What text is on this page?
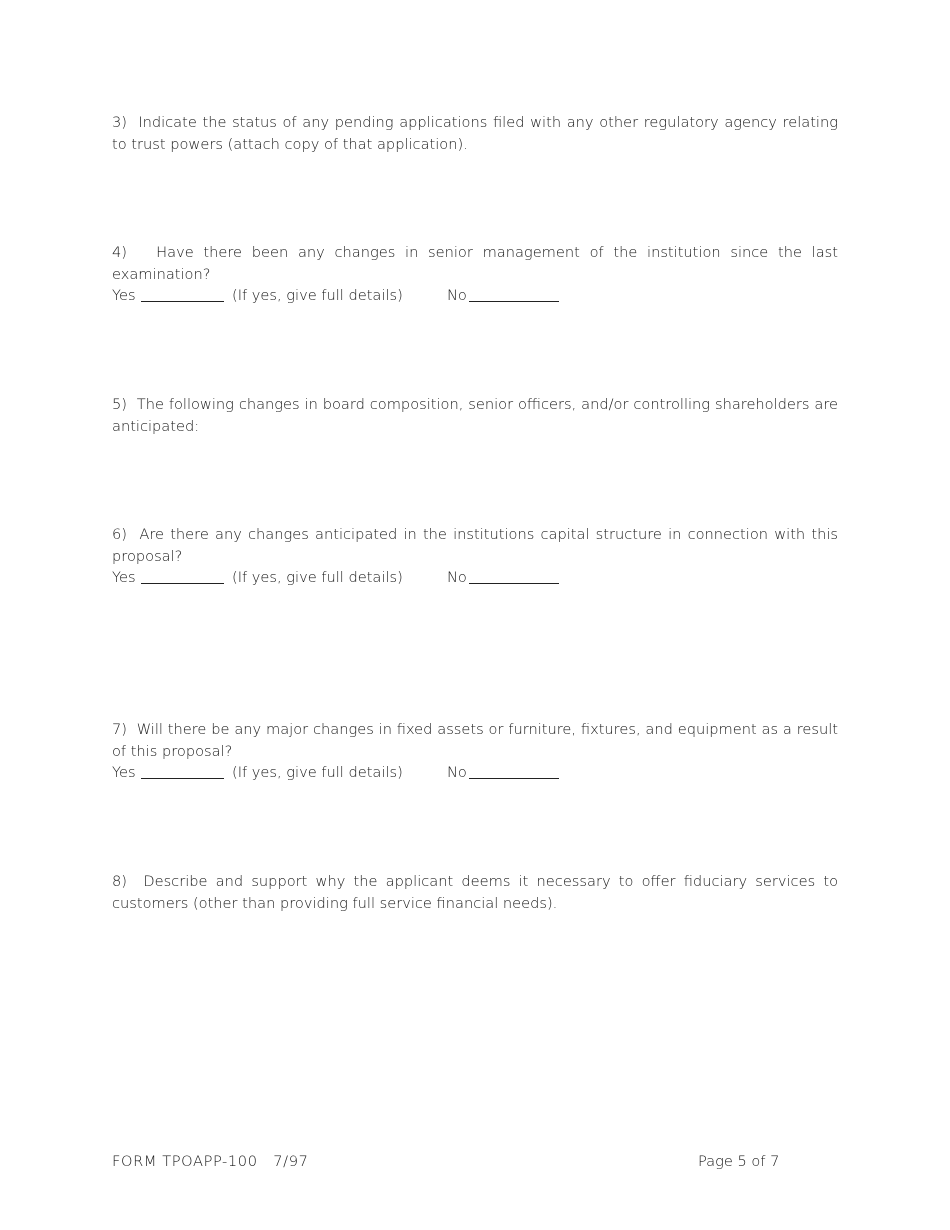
3) Indicate the status of any pending applications filed with any other regulatory agency relating to trust powers (attach copy of that application).

4) Have there been any changes in senior management of the institution since the last examination?

Yes	(If yes, give full details)	No

5) The following changes in board composition, senior officers, and/or controlling shareholders are anticipated:

6) Are there any changes anticipated in the institutions capital structure in connection with this proposal?

Yes	(If yes, give full details)	No

7) Will there be any major changes in fixed assets or furniture, fixtures, and equipment as a result of this proposal?

Yes	(If yes, give full details)	No

8) Describe and support why the applicant deems it necessary to offer fiduciary services to customers (other than providing full service financial needs).

FORM TPOAPP-100   7/97	Page 5 of 7
